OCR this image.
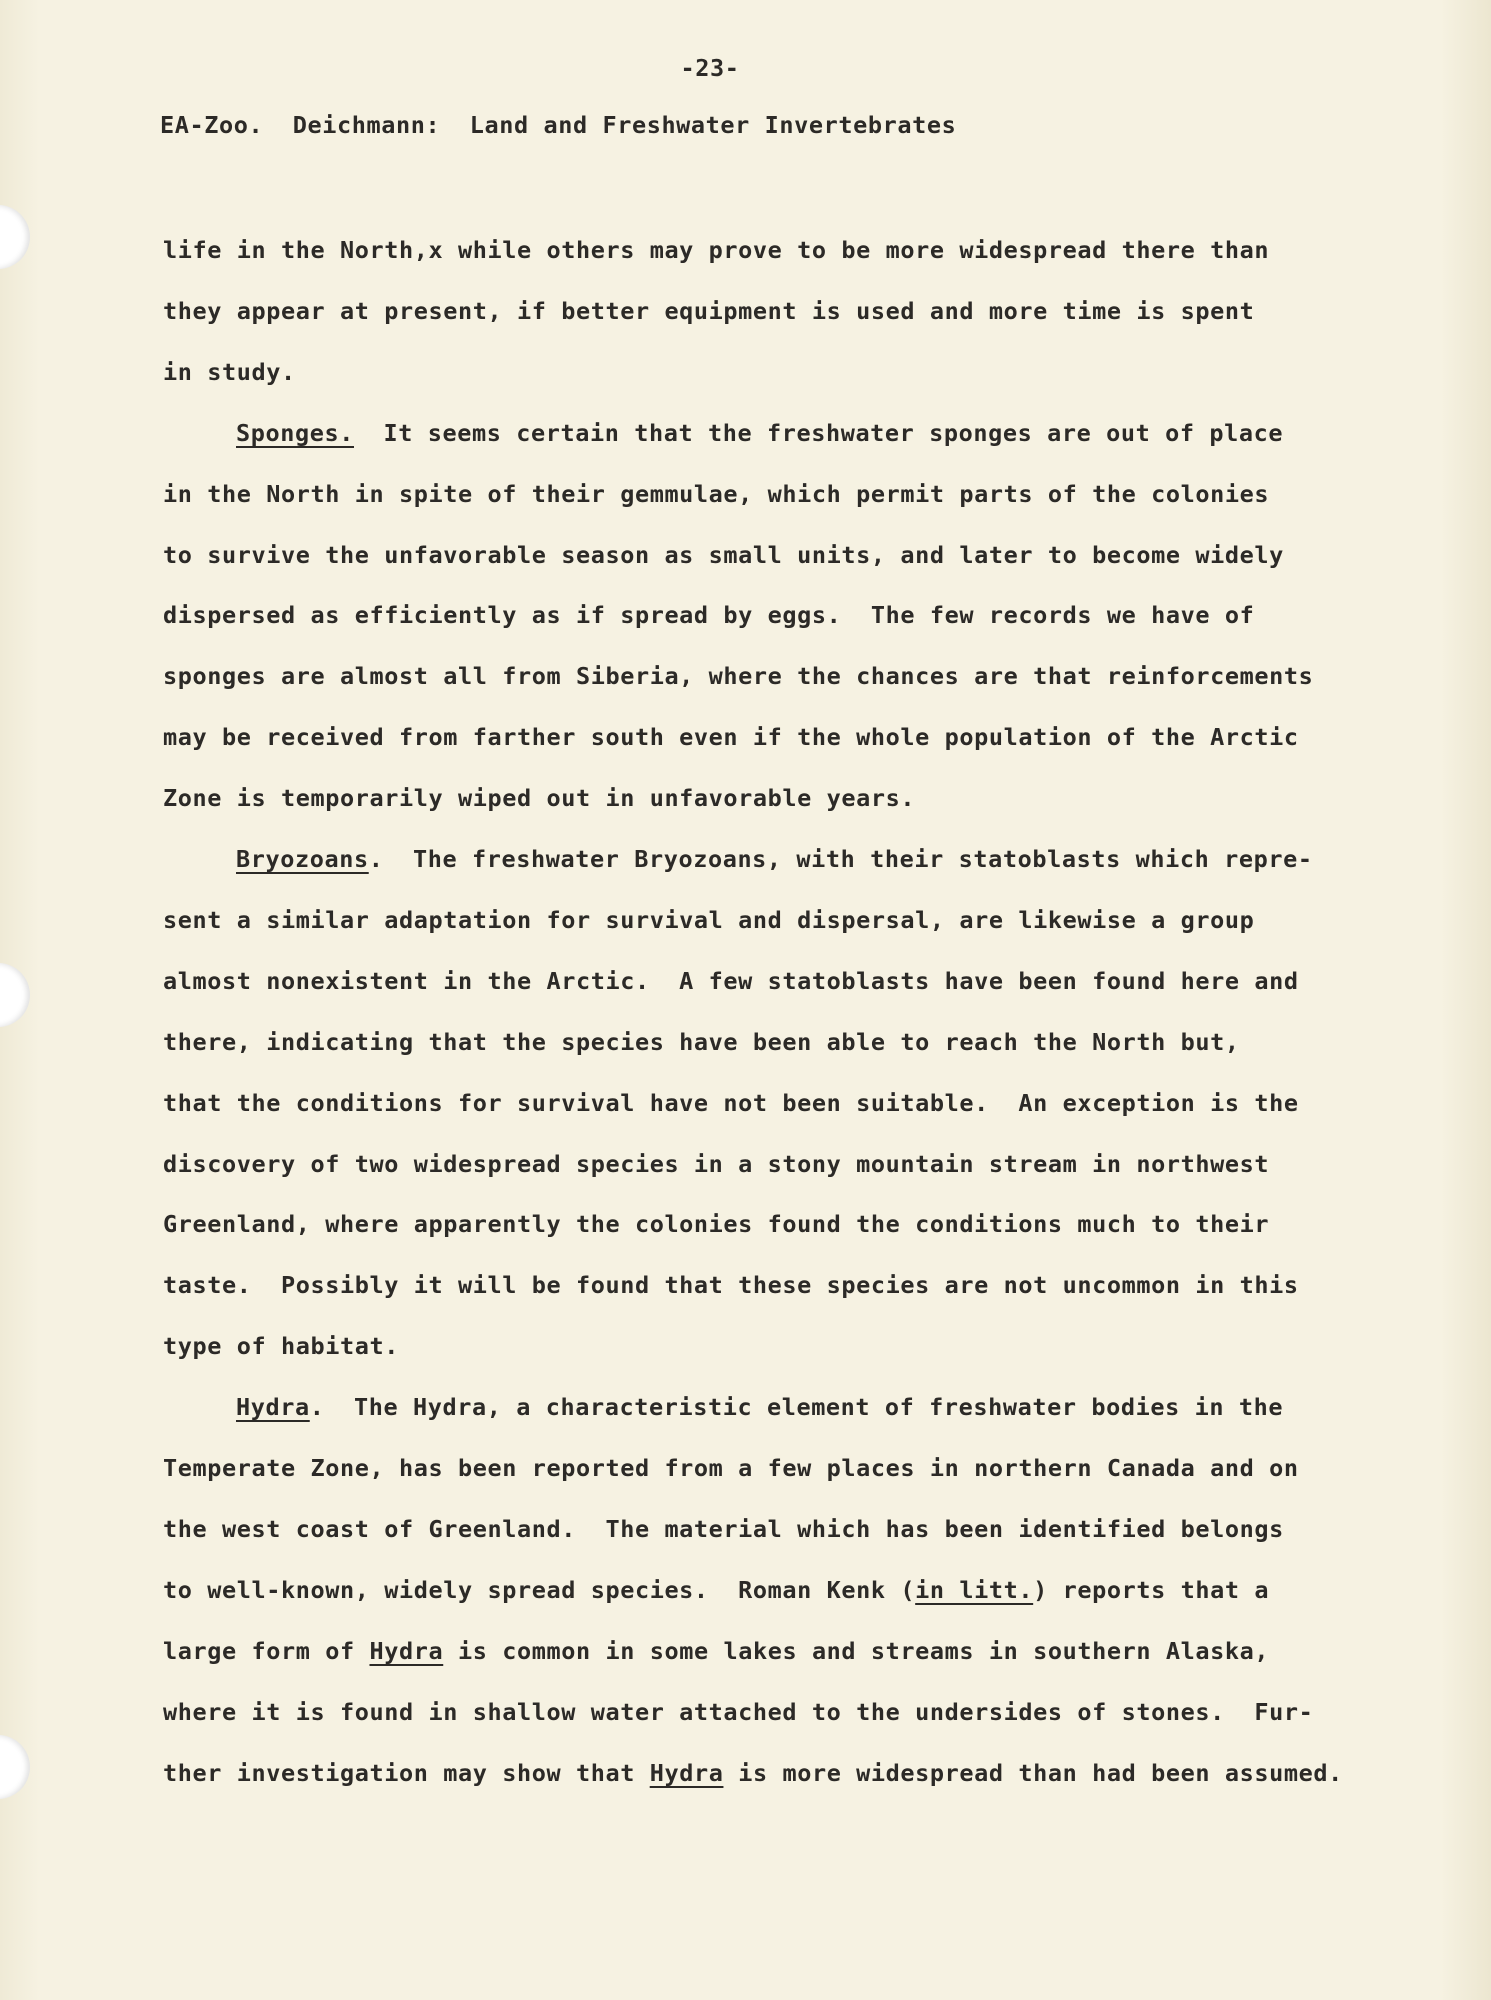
-23-
EA-Zoo.  Deichmann:  Land and Freshwater Invertebrates
life in the North,x while others may prove to be more widespread there than
they appear at present, if better equipment is used and more time is spent
in study.
Sponges.  It seems certain that the freshwater sponges are out of place
in the North in spite of their gemmulae, which permit parts of the colonies
to survive the unfavorable season as small units, and later to become widely
dispersed as efficiently as if spread by eggs.  The few records we have of
sponges are almost all from Siberia, where the chances are that reinforcements
may be received from farther south even if the whole population of the Arctic
Zone is temporarily wiped out in unfavorable years.
Bryozoans.  The freshwater Bryozoans, with their statoblasts which repre-
sent a similar adaptation for survival and dispersal, are likewise a group
almost nonexistent in the Arctic.  A few statoblasts have been found here and
there, indicating that the species have been able to reach the North but,
that the conditions for survival have not been suitable.  An exception is the
discovery of two widespread species in a stony mountain stream in northwest
Greenland, where apparently the colonies found the conditions much to their
taste.  Possibly it will be found that these species are not uncommon in this
type of habitat.
Hydra.  The Hydra, a characteristic element of freshwater bodies in the
Temperate Zone, has been reported from a few places in northern Canada and on
the west coast of Greenland.  The material which has been identified belongs
to well-known, widely spread species.  Roman Kenk (in litt.) reports that a
large form of Hydra is common in some lakes and streams in southern Alaska,
where it is found in shallow water attached to the undersides of stones.  Fur-
ther investigation may show that Hydra is more widespread than had been assumed.
